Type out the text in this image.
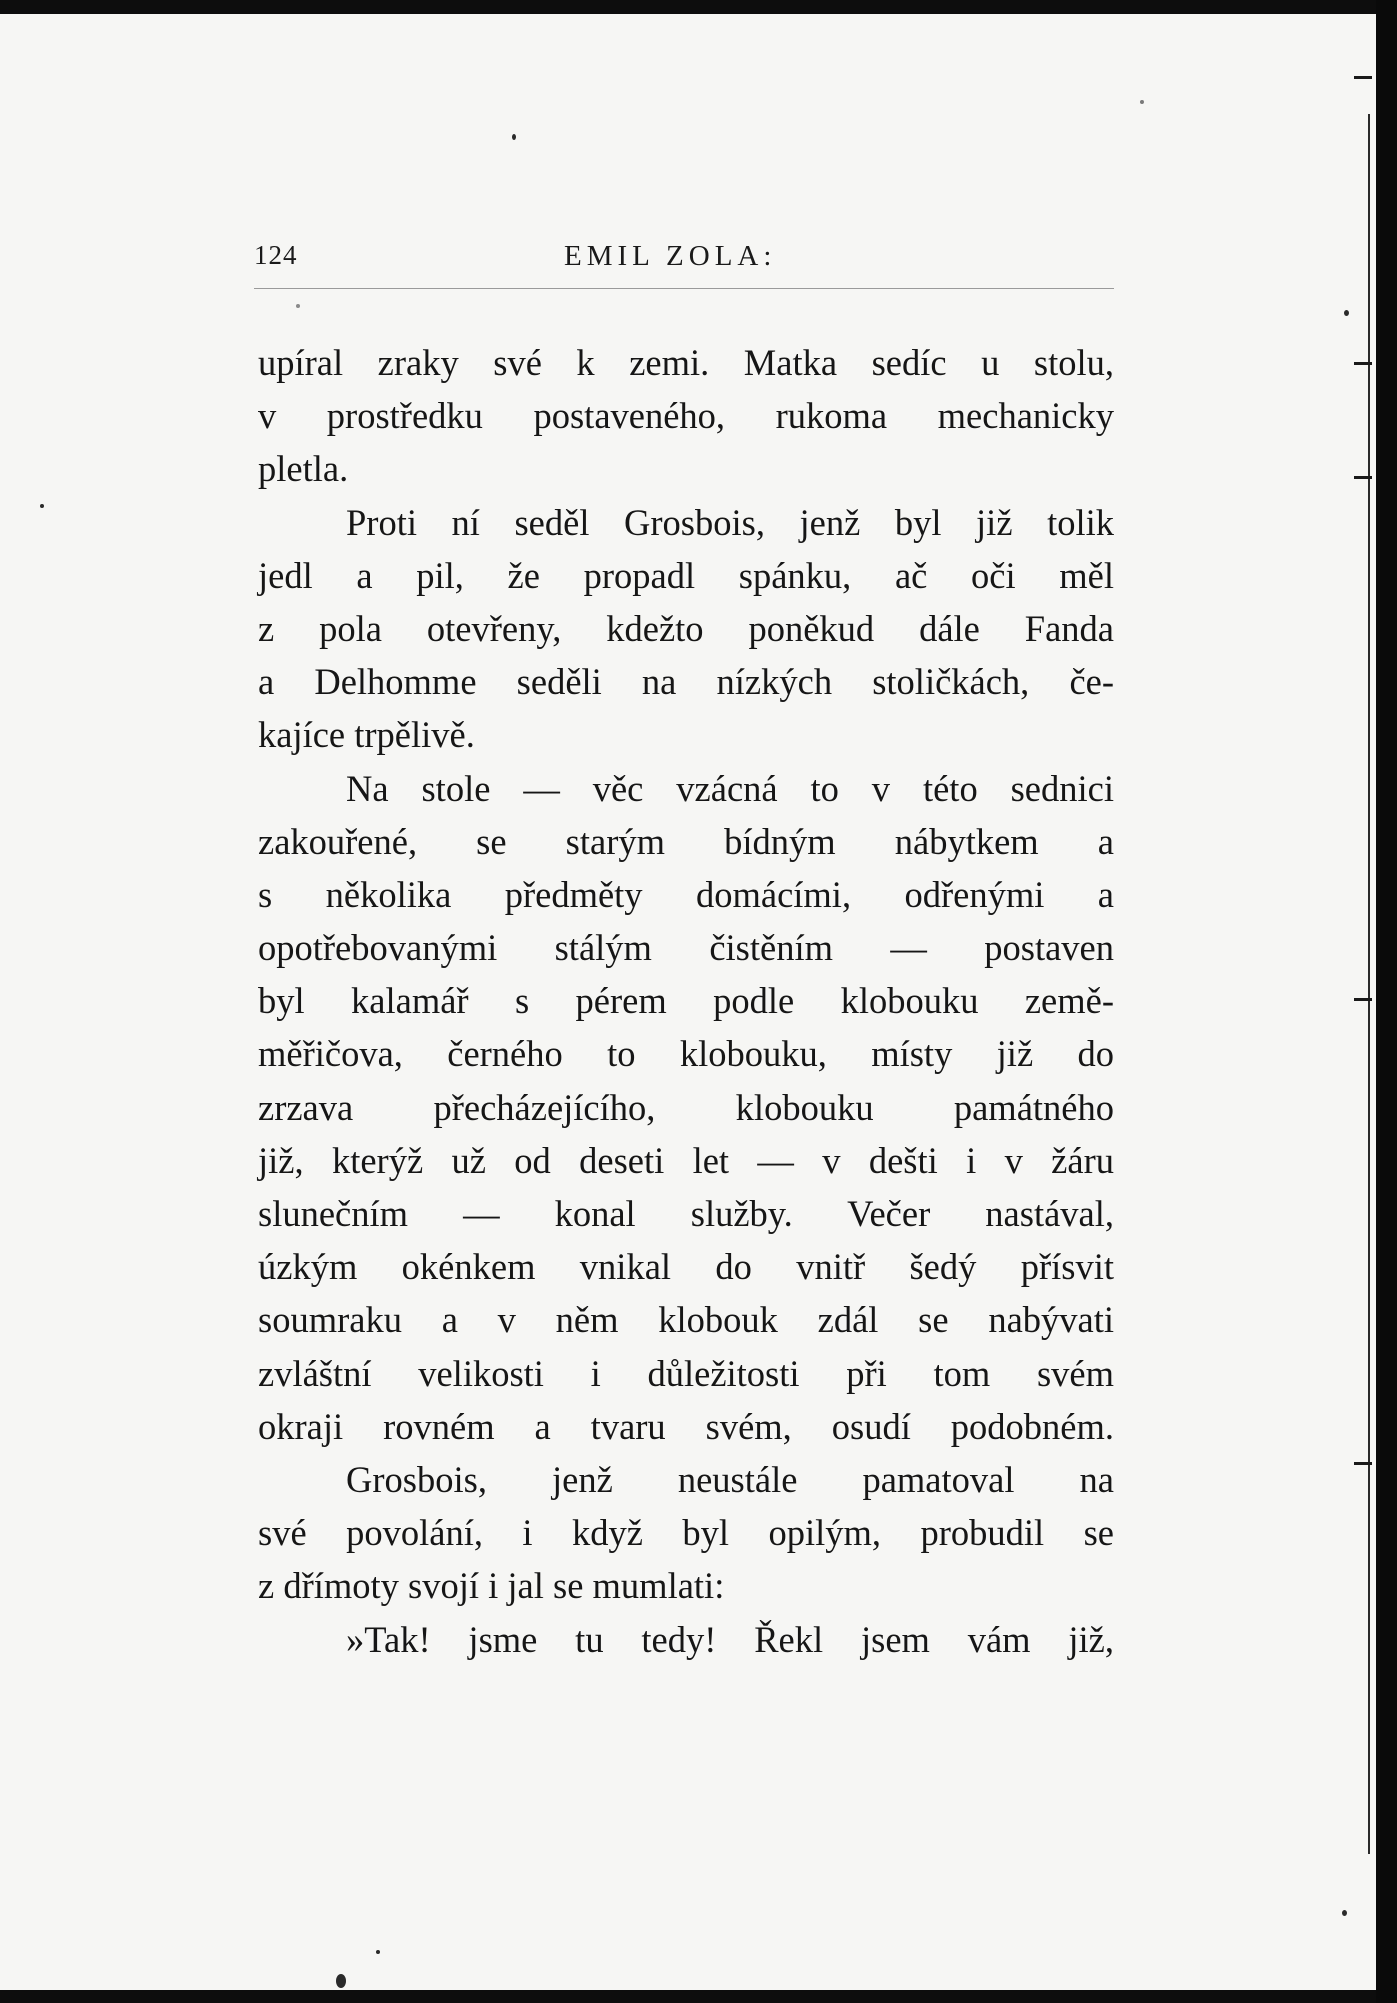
124	EMIL ZOLA:
upíral zraky své k zemi. Matka sedíc u stolu,
v prostředku postaveného, rukoma mechanicky
pletla.
Proti ní seděl Grosbois, jenž byl již tolik
jedl a pil, že propadl spánku, ač oči měl
z pola otevřeny, kdežto poněkud dále Fanda
a Delhomme seděli na nízkých stoličkách, če-
kajíce trpělivě.
Na stole — věc vzácná to v této sednici
zakouřené, se starým bídným nábytkem a
s několika předměty domácími, odřenými a
opotřebovanými stálým čistěním — postaven
byl kalamář s pérem podle klobouku země-
měřičova, černého to klobouku, místy již do
zrzava přecházejícího, klobouku památného
již, kterýž už od deseti let — v dešti i v žáru
slunečním — konal služby. Večer nastával,
úzkým okénkem vnikal do vnitř šedý přísvit
soumraku a v něm klobouk zdál se nabývati
zvláštní velikosti i důležitosti při tom svém
okraji rovném a tvaru svém, osudí podobném.
Grosbois, jenž neustále pamatoval na
své povolání, i když byl opilým, probudil se
z dřímoty svojí i jal se mumlati:
»Tak! jsme tu tedy! Řekl jsem vám již,
